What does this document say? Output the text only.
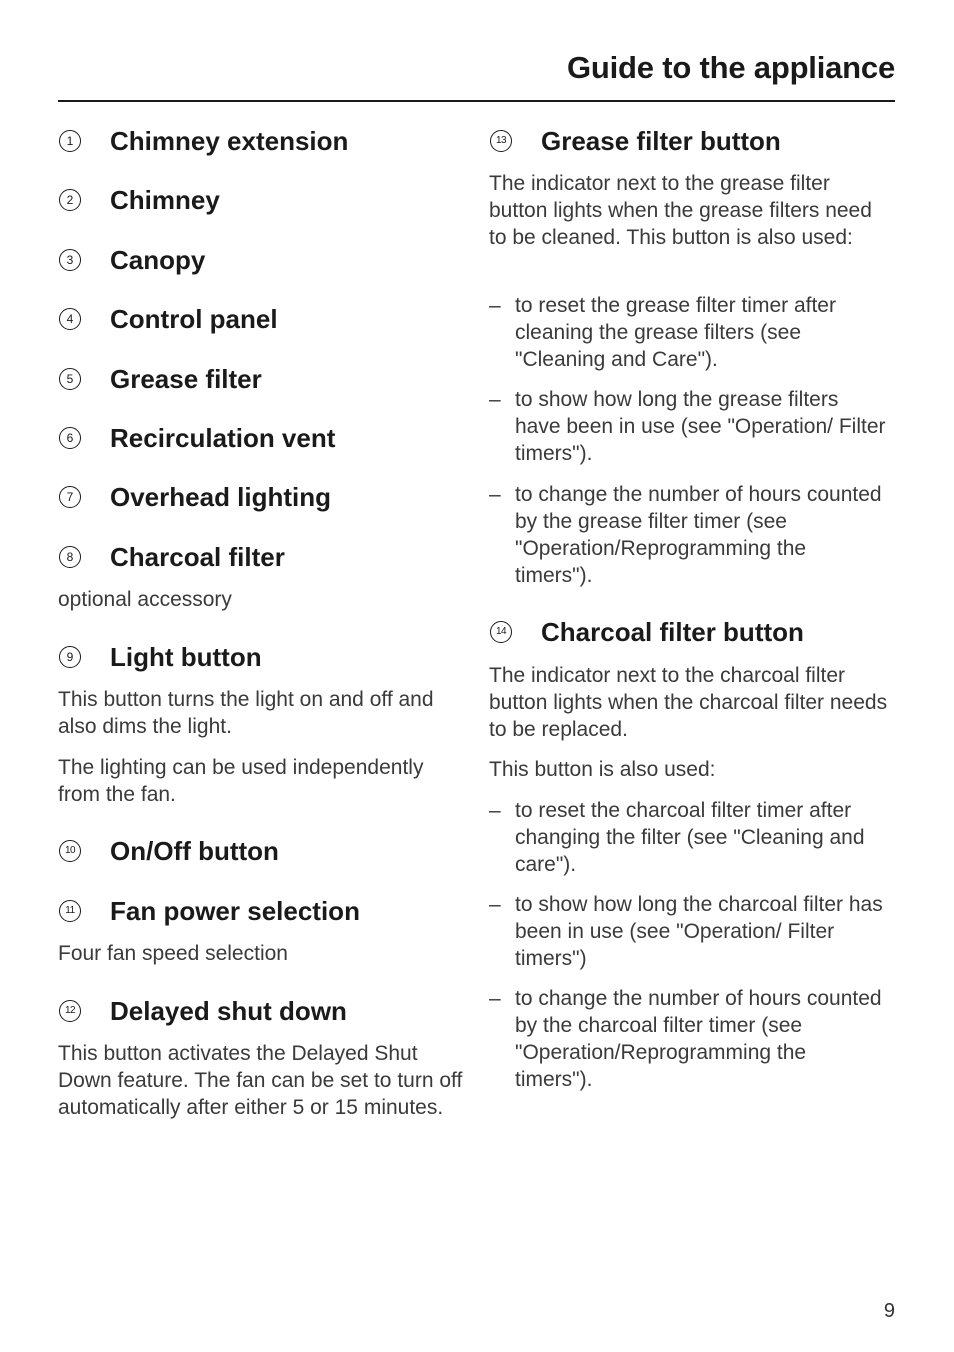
Guide to the appliance
1 Chimney extension
2 Chimney
3 Canopy
4 Control panel
5 Grease filter
6 Recirculation vent
7 Overhead lighting
8 Charcoal filter
optional accessory
9 Light button
This button turns the light on and off and also dims the light.
The lighting can be used independently from the fan.
10 On/Off button
11 Fan power selection
Four fan speed selection
12 Delayed shut down
This button activates the Delayed Shut Down feature. The fan can be set to turn off automatically after either 5 or 15 minutes.
13 Grease filter button
The indicator next to the grease filter button lights when the grease filters need to be cleaned. This button is also used:
– to reset the grease filter timer after cleaning the grease filters (see "Cleaning and Care").
– to show how long the grease filters have been in use (see "Operation/ Filter timers").
– to change the number of hours counted by the grease filter timer (see "Operation/Reprogramming the timers").
14 Charcoal filter button
The indicator next to the charcoal filter button lights when the charcoal filter needs to be replaced.
This button is also used:
– to reset the charcoal filter timer after changing the filter (see "Cleaning and care").
– to show how long the charcoal filter has been in use (see "Operation/ Filter timers")
– to change the number of hours counted by the charcoal filter timer (see "Operation/Reprogramming the timers").
9
